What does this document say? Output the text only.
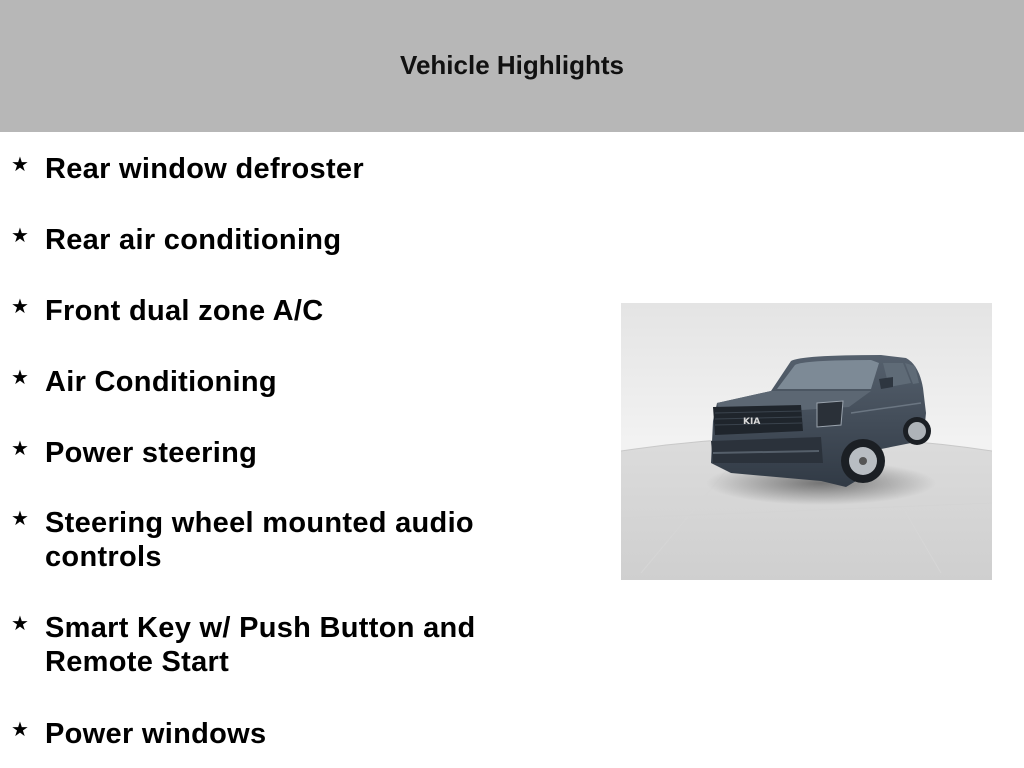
Vehicle Highlights
★ Rear window defroster
★ Rear air conditioning
★ Front dual zone A/C
★ Air Conditioning
★ Power steering
★ Steering wheel mounted audio controls
★ Smart Key w/ Push Button and Remote Start
★ Power windows
KIA
